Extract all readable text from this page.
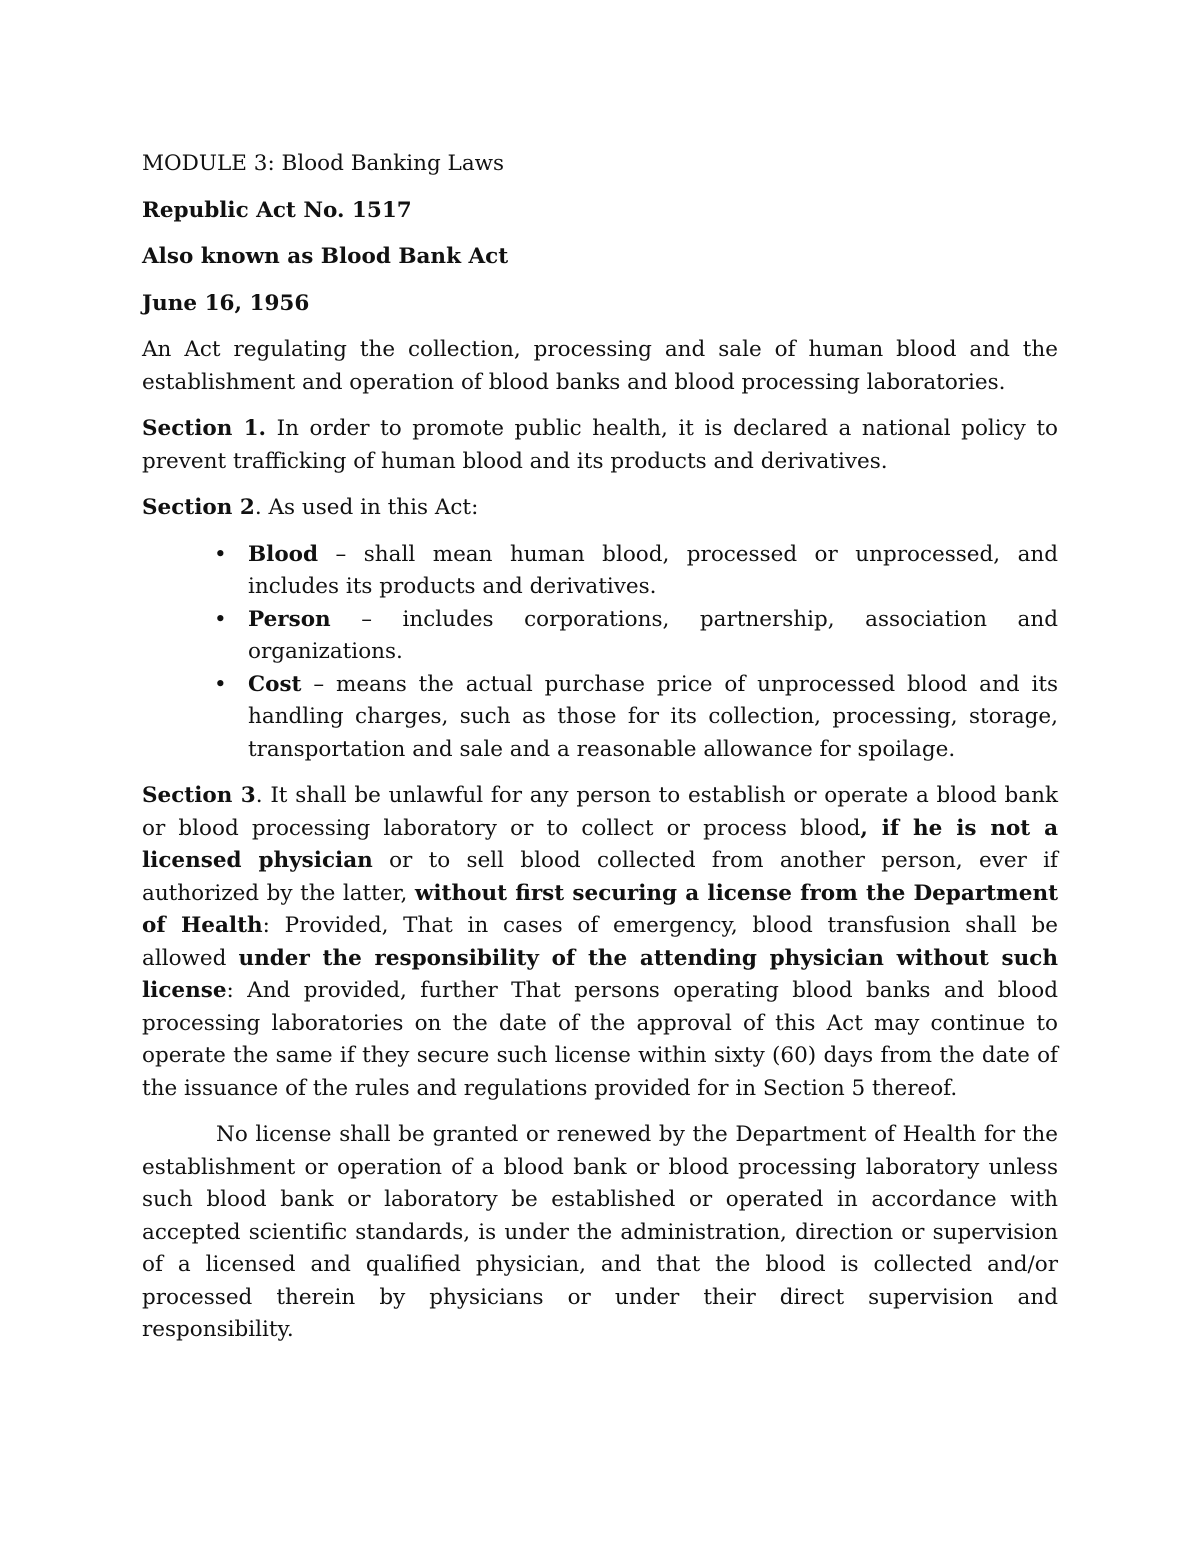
MODULE 3: Blood Banking Laws

Republic Act No. 1517

Also known as Blood Bank Act

June 16, 1956

An Act regulating the collection, processing and sale of human blood and the establishment and operation of blood banks and blood processing laboratories.

Section 1. In order to promote public health, it is declared a national policy to prevent trafficking of human blood and its products and derivatives.

Section 2. As used in this Act:

• Blood – shall mean human blood, processed or unprocessed, and includes its products and derivatives.
• Person – includes corporations, partnership, association and organizations.
• Cost – means the actual purchase price of unprocessed blood and its handling charges, such as those for its collection, processing, storage, transportation and sale and a reasonable allowance for spoilage.

Section 3. It shall be unlawful for any person to establish or operate a blood bank or blood processing laboratory or to collect or process blood, if he is not a licensed physician or to sell blood collected from another person, ever if authorized by the latter, without first securing a license from the Department of Health: Provided, That in cases of emergency, blood transfusion shall be allowed under the responsibility of the attending physician without such license: And provided, further That persons operating blood banks and blood processing laboratories on the date of the approval of this Act may continue to operate the same if they secure such license within sixty (60) days from the date of the issuance of the rules and regulations provided for in Section 5 thereof.

No license shall be granted or renewed by the Department of Health for the establishment or operation of a blood bank or blood processing laboratory unless such blood bank or laboratory be established or operated in accordance with accepted scientific standards, is under the administration, direction or supervision of a licensed and qualified physician, and that the blood is collected and/or processed therein by physicians or under their direct supervision and responsibility.
